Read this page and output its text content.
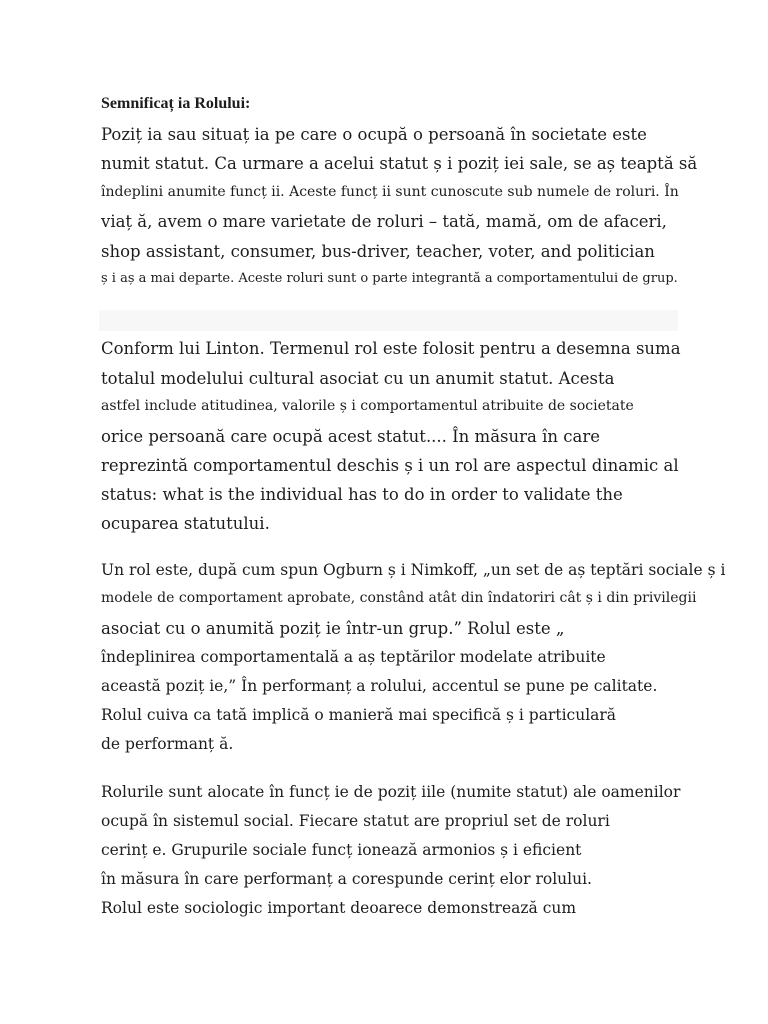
Semnificaț ia Rolului:

Poziț ia sau situaț ia pe care o ocupă o persoană în societate este

numit statut. Ca urmare a acelui statut ș i poziț iei sale, se aș teaptă să

îndeplini anumite funcț ii. Aceste funcț ii sunt cunoscute sub numele de roluri. În

viaț ă, avem o mare varietate de roluri – tată, mamă, om de afaceri,

shop assistant, consumer, bus-driver, teacher, voter, and politician

ș i aș a mai departe. Aceste roluri sunt o parte integrantă a comportamentului de grup.

Conform lui Linton. Termenul rol este folosit pentru a desemna suma

totalul modelului cultural asociat cu un anumit statut. Acesta

astfel include atitudinea, valorile ș i comportamentul atribuite de societate

orice persoană care ocupă acest statut.... În măsura în care

reprezintă comportamentul deschis ș i un rol are aspectul dinamic al

status: what is the individual has to do in order to validate the

ocuparea statutului.

Un rol este, după cum spun Ogburn ș i Nimkoff, „un set de aș teptări sociale ș i

modele de comportament aprobate, constând atât din îndatoriri cât ș i din privilegii

asociat cu o anumită poziț ie într-un grup.” Rolul este „

îndeplinirea comportamentală a aș teptărilor modelate atribuite

această poziț ie,” În performanț a rolului, accentul se pune pe calitate.

Rolul cuiva ca tată implică o manieră mai specifică ș i particulară

de performanț ă.

Rolurile sunt alocate în funcț ie de poziț iile (numite statut) ale oamenilor

ocupă în sistemul social. Fiecare statut are propriul set de roluri

cerinț e. Grupurile sociale funcț ionează armonios ș i eficient

în măsura în care performanț a corespunde cerinț elor rolului.

Rolul este sociologic important deoarece demonstrează cum
